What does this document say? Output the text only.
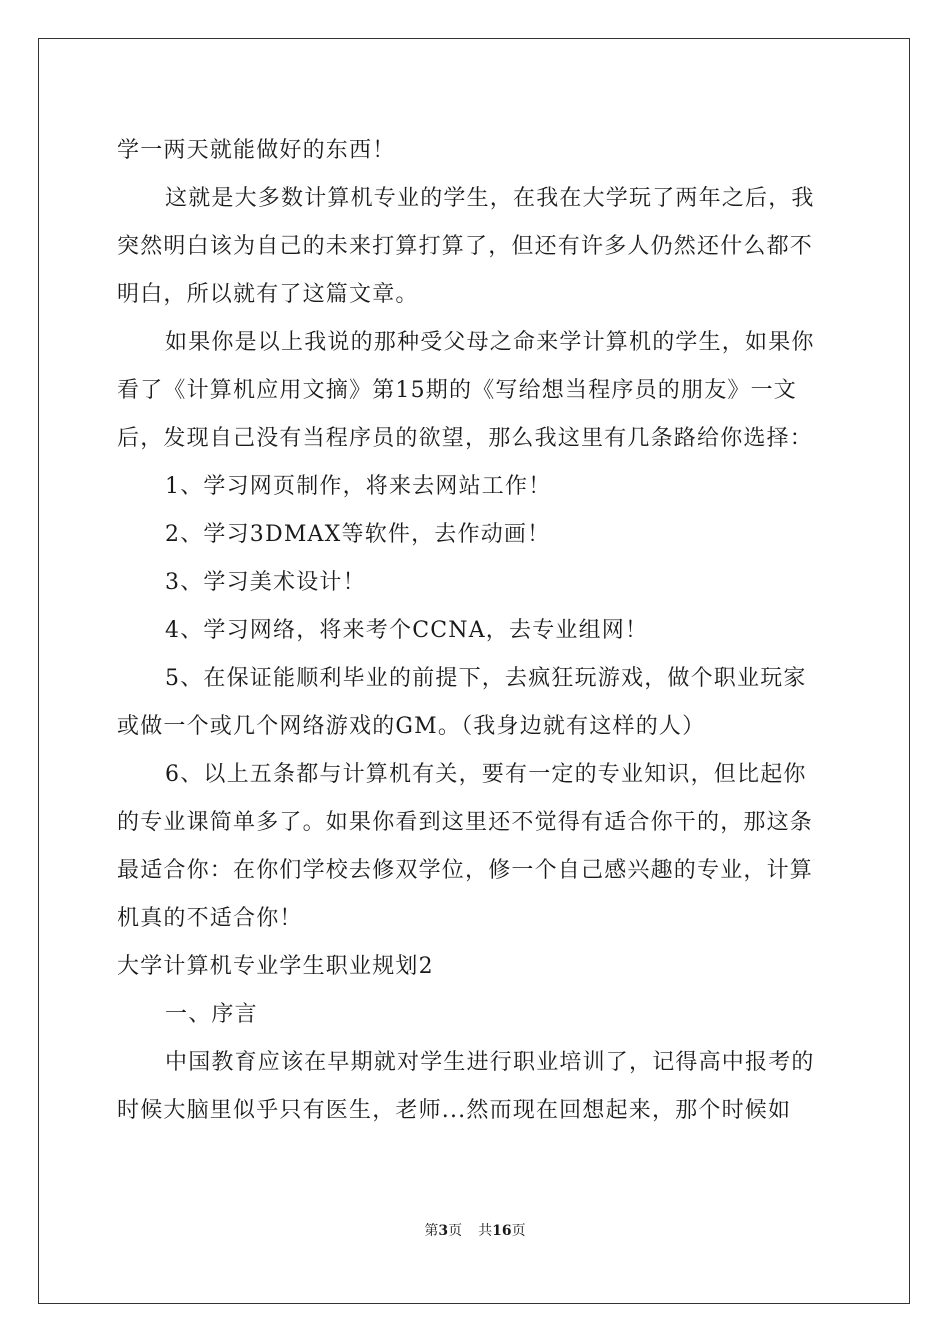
学一两天就能做好的东西！
这就是大多数计算机专业的学生，在我在大学玩了两年之后，我
突然明白该为自己的未来打算打算了，但还有许多人仍然还什么都不
明白，所以就有了这篇文章。
如果你是以上我说的那种受父母之命来学计算机的学生，如果你
看了《计算机应用文摘》第15期的《写给想当程序员的朋友》一文
后，发现自己没有当程序员的欲望，那么我这里有几条路给你选择：
1、学习网页制作，将来去网站工作！
2、学习3DMAX等软件，去作动画！
3、学习美术设计！
4、学习网络，将来考个CCNA，去专业组网！
5、在保证能顺利毕业的前提下，去疯狂玩游戏，做个职业玩家
或做一个或几个网络游戏的GM。（我身边就有这样的人）
6、以上五条都与计算机有关，要有一定的专业知识，但比起你
的专业课简单多了。如果你看到这里还不觉得有适合你干的，那这条
最适合你：在你们学校去修双学位，修一个自己感兴趣的专业，计算
机真的不适合你！
大学计算机专业学生职业规划2
一、序言
中国教育应该在早期就对学生进行职业培训了，记得高中报考的
时候大脑里似乎只有医生，老师...然而现在回想起来，那个时候如
第3页 共16页
